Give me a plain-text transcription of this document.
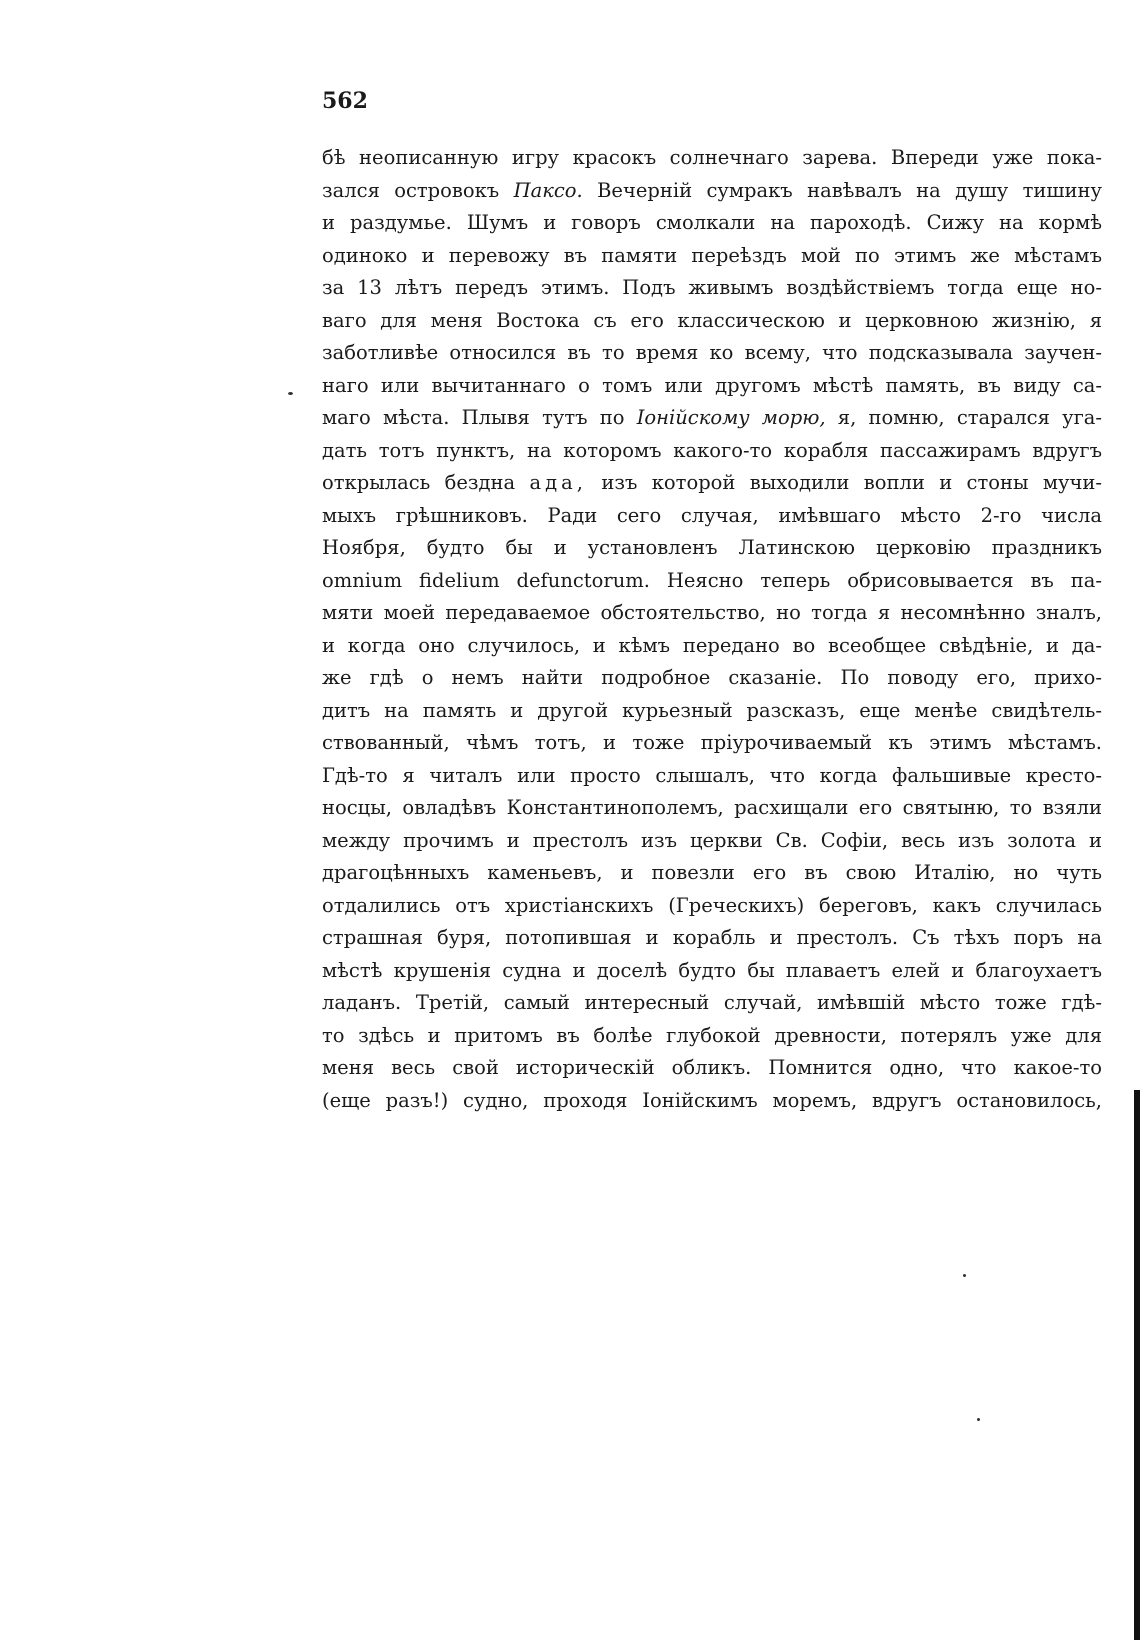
562
бѣ неописанную игру красокъ солнечнаго зарева. Впереди уже пока-
зался островокъ Паксо. Вечерній сумракъ навѣвалъ на душу тишину
и раздумье. Шумъ и говоръ смолкали на пароходѣ. Сижу на кормѣ
одиноко и перевожу въ памяти переѣздъ мой по этимъ же мѣстамъ
за 13 лѣтъ передъ этимъ. Подъ живымъ воздѣйствіемъ тогда еще но-
ваго для меня Востока съ его классическою и церковною жизнію, я
заботливѣе относился въ то время ко всему, что подсказывала заучен-
наго или вычитаннаго о томъ или другомъ мѣстѣ память, въ виду са-
маго мѣста. Плывя тутъ по Іонійскому морю, я, помню, старался уга-
дать тотъ пунктъ, на которомъ какого-то корабля пассажирамъ вдругъ
открылась бездна ада, изъ которой выходили вопли и стоны мучи-
мыхъ грѣшниковъ. Ради сего случая, имѣвшаго мѣсто 2-го числа
Ноября, будто бы и установленъ Латинскою церковію праздникъ
omnium fidelium defunctorum. Неясно теперь обрисовывается въ па-
мяти моей передаваемое обстоятельство, но тогда я несомнѣнно зналъ,
и когда оно случилось, и кѣмъ передано во всеобщее свѣдѣніе, и да-
же гдѣ о немъ найти подробное сказаніе. По поводу его, прихо-
дитъ на память и другой курьезный разсказъ, еще менѣе свидѣтель-
ствованный, чѣмъ тотъ, и тоже пріурочиваемый къ этимъ мѣстамъ.
Гдѣ-то я читалъ или просто слышалъ, что когда фальшивые кресто-
носцы, овладѣвъ Константинополемъ, расхищали его святыню, то взяли
между прочимъ и престолъ изъ церкви Св. Софіи, весь изъ золота и
драгоцѣнныхъ каменьевъ, и повезли его въ свою Италію, но чуть
отдалились отъ христіанскихъ (Греческихъ) береговъ, какъ случилась
страшная буря, потопившая и корабль и престолъ. Съ тѣхъ поръ на
мѣстѣ крушенія судна и доселѣ будто бы плаваетъ елей и благоухаетъ
ладанъ. Третій, самый интересный случай, имѣвшій мѣсто тоже гдѣ-
то здѣсь и притомъ въ болѣе глубокой древности, потерялъ уже для
меня весь свой историческій обликъ. Помнится одно, что какое-то
(еще разъ!) судно, проходя Іонійскимъ моремъ, вдругъ остановилось,
